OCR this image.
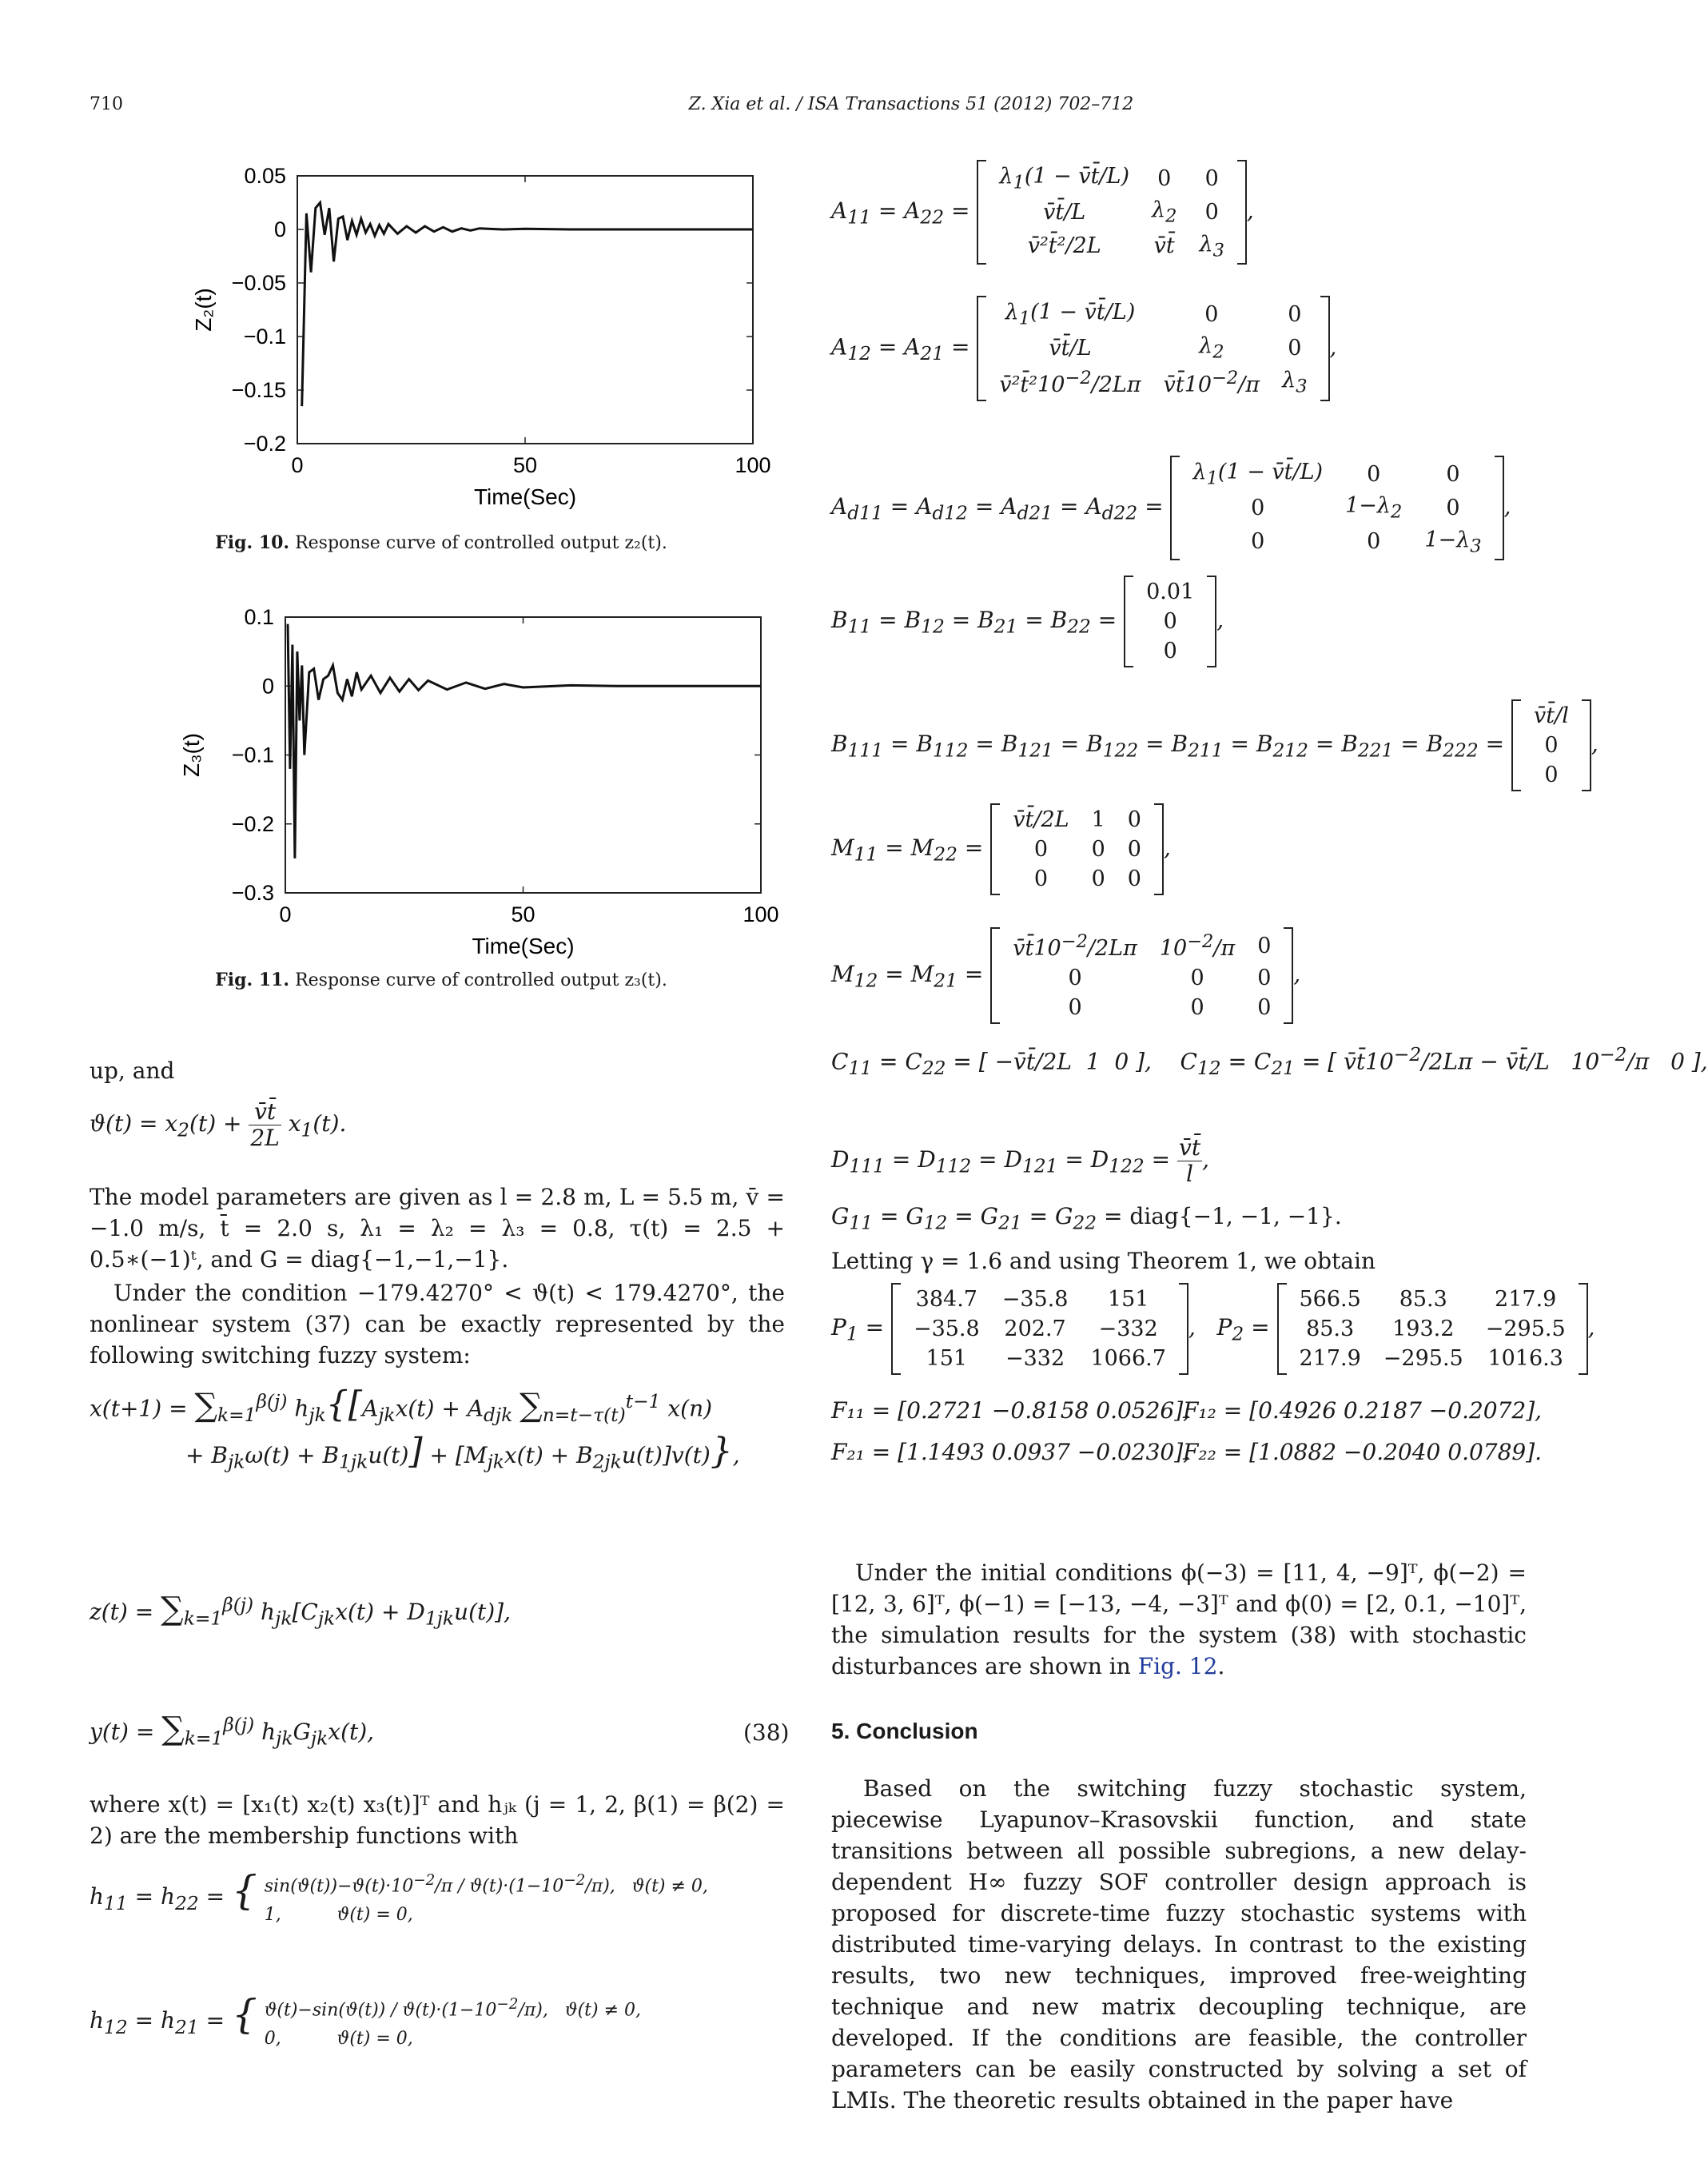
710	Z. Xia et al. / ISA Transactions 51 (2012) 702–712
0.05
0
−0.05
−0.1
−0.15
−0.2
0	50	100
Time(Sec)
Z₂(t)
Fig. 10. Response curve of controlled output z₂(t).
0.1
0
−0.1
−0.2
−0.3
0	50	100
Time(Sec)
Z₃(t)
Fig. 11. Response curve of controlled output z₃(t).
up, and
$ϑ(t) = x_2(t) + \frac{v̄t̄}{2L} x_1(t)$.
The model parameters are given as l = 2.8 m, L = 5.5 m, v̄ = −1.0 m/s, t̄ = 2.0 s, λ₁ = λ₂ = λ₃ = 0.8, τ(t) = 2.5 + 0.5∗(−1)ᵗ, and G = diag{−1,−1,−1}.
Under the condition −179.4270° < ϑ(t) < 179.4270°, the nonlinear system (37) can be exactly represented by the following switching fuzzy system:
$x(t+1) = \sum_{k=1}^{\beta(j)}$ $h_{jk}\{[A_{jk}x(t) + A_{djk}$ $\sum_{n=t-\tau(t)}^{t-1}$ x(n)
+ $B_{jk}\omega(t) + B_{1jk}u(t)] + [M_{jk}x(t) + B_{2jk}u(t)]v(t)$},
$z(t) = \sum_{k=1}^{\beta(j)}$ $h_{jk}[C_{jk}x(t) + D_{1jk}u(t)]$,
$y(t) = \sum_{k=1}^{\beta(j)}$ $h_{jk}G_{jk}x(t)$,	(38)
where x(t) = [x₁(t) x₂(t) x₃(t)]ᵀ and hⱼₖ (j = 1, 2, β(1) = β(2) = 2) are the membership functions with
$h_{11} = h_{22}$ = { $\sin(ϑ(t))-ϑ(t)\cdot 10^{-2}/\pi / ϑ(t)\cdot(1-10^{-2}/\pi)$,   ϑ(t) ≠ 0,
1,          ϑ(t) = 0,
$h_{12} = h_{21}$ = { $ϑ(t)-\sin(ϑ(t)) / ϑ(t)\cdot(1-10^{-2}/\pi)$,   ϑ(t) ≠ 0,
0,          ϑ(t) = 0,
$A_{11} = A_{22}$ =
$\lambda_1(1$ − v̄t̄/L)	0	0
v̄t̄/L	$\lambda_2$	0
v̄²t̄²/2L	v̄t̄	$\lambda_3$
,
$A_{12} = A_{21}$ =
$\lambda_1(1$ − v̄t̄/L)	0	0
v̄t̄/L	$\lambda_2$	0
$v̄^2t̄^210^{-2}/2L\pi$	$v̄t̄10^{-2}/\pi$	$\lambda_3$
,
$A_{d11} = A_{d12} = A_{d21} = A_{d22}$ =
$\lambda_1(1$ − v̄t̄/L)	0	0
0	$1-\lambda_2$	0
0	0	$1-\lambda_3$
,
$B_{11} = B_{12} = B_{21} = B_{22}$ =
0.01
0
0
,
$B_{111} = B_{112} = B_{121} = B_{122} = B_{211} = B_{212} = B_{221} = B_{222}$ =
v̄t̄/l
0
0
,
$M_{11} = M_{22}$ =
v̄t̄/2L	1	0
0	0	0
0	0	0
,
$M_{12} = M_{21}$ =
$v̄t̄10^{-2}/2L\pi$	$10^{-2}/\pi$	0
0	0	0
0	0	0
,
$C_{11} = C_{22}$ = [ −v̄t̄/2L  1  0 ],    $C_{12} = C_{21}$ = [ $v̄t̄10^{-2}/2L\pi$ − v̄t̄/L   $10^{-2}/\pi$   0 ],
$D_{111} = D_{112} = D_{121} = D_{122} = \frac{v̄t̄}{l}$ ,
$G_{11} = G_{12} = G_{21} = G_{22}$ = diag{−1, −1, −1}.
Letting γ = 1.6 and using Theorem 1, we obtain
$P_1$ =
384.7	−35.8	151
−35.8	202.7	−332
151	−332	1066.7
,   $P_2$ =
566.5	85.3	217.9
85.3	193.2	−295.5
217.9	−295.5	1016.3
,
F₁₁ = [0.2721 −0.8158 0.0526],
F₁₂ = [0.4926 0.2187 −0.2072],
F₂₁ = [1.1493 0.0937 −0.0230],
F₂₂ = [1.0882 −0.2040 0.0789].
Under the initial conditions ϕ(−3) = [11, 4, −9]ᵀ, ϕ(−2) = [12, 3, 6]ᵀ, ϕ(−1) = [−13, −4, −3]ᵀ and ϕ(0) = [2, 0.1, −10]ᵀ, the simulation results for the system (38) with stochastic disturbances are shown in Fig. 12.
5. Conclusion
Based on the switching fuzzy stochastic system, piecewise Lyapunov–Krasovskii function, and state transitions between all possible subregions, a new delay-dependent H∞ fuzzy SOF controller design approach is proposed for discrete-time fuzzy stochastic systems with distributed time-varying delays. In contrast to the existing results, two new techniques, improved free-weighting technique and new matrix decoupling technique, are developed. If the conditions are feasible, the controller parameters can be easily constructed by solving a set of LMIs. The theoretic results obtained in the paper have
